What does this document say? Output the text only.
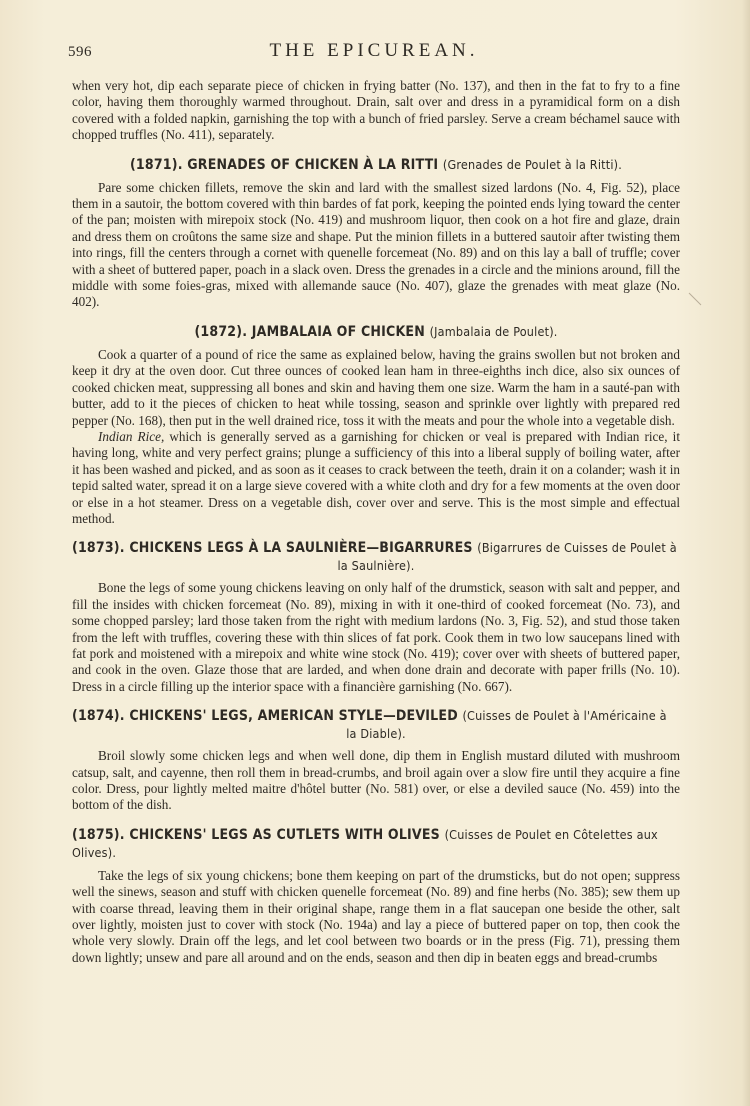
596	THE EPICUREAN.

when very hot, dip each separate piece of chicken in frying batter (No. 137), and then in the fat to fry to a fine color, having them thoroughly warmed throughout. Drain, salt over and dress in a pyramidical form on a dish covered with a folded napkin, garnishing the top with a bunch of fried parsley. Serve a cream béchamel sauce with chopped truffles (No. 411), separately.

(1871). GRENADES OF CHICKEN À LA RITTI (Grenades de Poulet à la Ritti).

Pare some chicken fillets, remove the skin and lard with the smallest sized lardons (No. 4, Fig. 52), place them in a sautoir, the bottom covered with thin bardes of fat pork, keeping the pointed ends lying toward the center of the pan; moisten with mirepoix stock (No. 419) and mushroom liquor, then cook on a hot fire and glaze, drain and dress them on croûtons the same size and shape. Put the minion fillets in a buttered sautoir after twisting them into rings, fill the centers through a cornet with quenelle forcemeat (No. 89) and on this lay a ball of truffle; cover with a sheet of buttered paper, poach in a slack oven. Dress the grenades in a circle and the minions around, fill the middle with some foies-gras, mixed with allemande sauce (No. 407), glaze the grenades with meat glaze (No. 402).

(1872). JAMBALAIA OF CHICKEN (Jambalaia de Poulet).

Cook a quarter of a pound of rice the same as explained below, having the grains swollen but not broken and keep it dry at the oven door. Cut three ounces of cooked lean ham in three-eighths inch dice, also six ounces of cooked chicken meat, suppressing all bones and skin and having them one size. Warm the ham in a sauté-pan with butter, add to it the pieces of chicken to heat while tossing, season and sprinkle over lightly with prepared red pepper (No. 168), then put in the well drained rice, toss it with the meats and pour the whole into a vegetable dish.

Indian Rice, which is generally served as a garnishing for chicken or veal is prepared with Indian rice, it having long, white and very perfect grains; plunge a sufficiency of this into a liberal supply of boiling water, after it has been washed and picked, and as soon as it ceases to crack between the teeth, drain it on a colander; wash it in tepid salted water, spread it on a large sieve covered with a white cloth and dry for a few moments at the oven door or else in a hot steamer. Dress on a vegetable dish, cover over and serve. This is the most simple and effectual method.

(1873). CHICKENS LEGS À LA SAULNIÈRE—BIGARRURES (Bigarrures de Cuisses de Poulet à
la Saulnière).

Bone the legs of some young chickens leaving on only half of the drumstick, season with salt and pepper, and fill the insides with chicken forcemeat (No. 89), mixing in with it one-third of cooked forcemeat (No. 73), and some chopped parsley; lard those taken from the right with medium lardons (No. 3, Fig. 52), and stud those taken from the left with truffles, covering these with thin slices of fat pork. Cook them in two low saucepans lined with fat pork and moistened with a mirepoix and white wine stock (No. 419); cover over with sheets of buttered paper, and cook in the oven. Glaze those that are larded, and when done drain and decorate with paper frills (No. 10). Dress in a circle filling up the interior space with a financière garnishing (No. 667).

(1874). CHICKENS' LEGS, AMERICAN STYLE—DEVILED (Cuisses de Poulet à l'Américaine à
la Diable).

Broil slowly some chicken legs and when well done, dip them in English mustard diluted with mushroom catsup, salt, and cayenne, then roll them in bread-crumbs, and broil again over a slow fire until they acquire a fine color. Dress, pour lightly melted maitre d'hôtel butter (No. 581) over, or else a deviled sauce (No. 459) into the bottom of the dish.

(1875). CHICKENS' LEGS AS CUTLETS WITH OLIVES (Cuisses de Poulet en Côtelettes aux Olives).

Take the legs of six young chickens; bone them keeping on part of the drumsticks, but do not open; suppress well the sinews, season and stuff with chicken quenelle forcemeat (No. 89) and fine herbs (No. 385); sew them up with coarse thread, leaving them in their original shape, range them in a flat saucepan one beside the other, salt over lightly, moisten just to cover with stock (No. 194a) and lay a piece of buttered paper on top, then cook the whole very slowly. Drain off the legs, and let cool between two boards or in the press (Fig. 71), pressing them down lightly; unsew and pare all around and on the ends, season and then dip in beaten eggs and bread-crumbs
